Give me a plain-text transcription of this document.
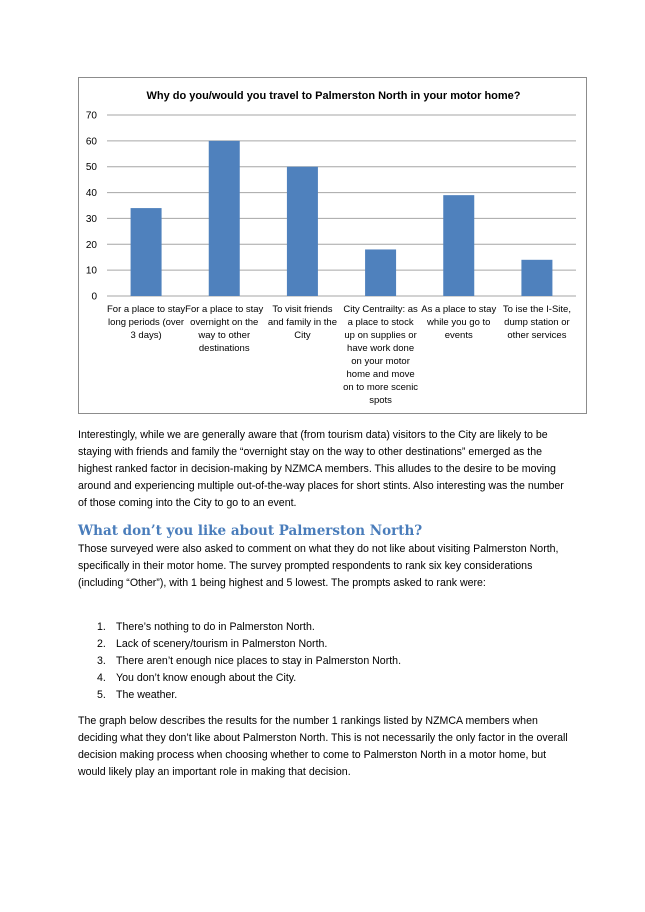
Why do you/would you travel to Palmerston North in your motor home?
0
10
20
30
40
50
60
70
For a place to stay long periods (over 3 days)
For a place to stay overnight on the way to other destinations
To visit friends and family in the City
City Centrailty: as a place to stock up on supplies or have work done on your motor home and move on to more scenic spots
As a place to stay while you go to events
To ise the I-Site, dump station or other services

Interestingly, while we are generally aware that (from tourism data) visitors to the City are likely to be staying with friends and family the “overnight stay on the way to other destinations” emerged as the highest ranked factor in decision-making by NZMCA members. This alludes to the desire to be moving around and experiencing multiple out-of-the-way places for short stints. Also interesting was the number of those coming into the City to go to an event.

What don’t you like about Palmerston North?

Those surveyed were also asked to comment on what they do not like about visiting Palmerston North, specifically in their motor home. The survey prompted respondents to rank six key considerations (including “Other”), with 1 being highest and 5 lowest. The prompts asked to rank were:

1. There’s nothing to do in Palmerston North.
2. Lack of scenery/tourism in Palmerston North.
3. There aren’t enough nice places to stay in Palmerston North.
4. You don’t know enough about the City.
5. The weather.

The graph below describes the results for the number 1 rankings listed by NZMCA members when deciding what they don’t like about Palmerston North. This is not necessarily the only factor in the overall decision making process when choosing whether to come to Palmerston North in a motor home, but would likely play an important role in making that decision.
